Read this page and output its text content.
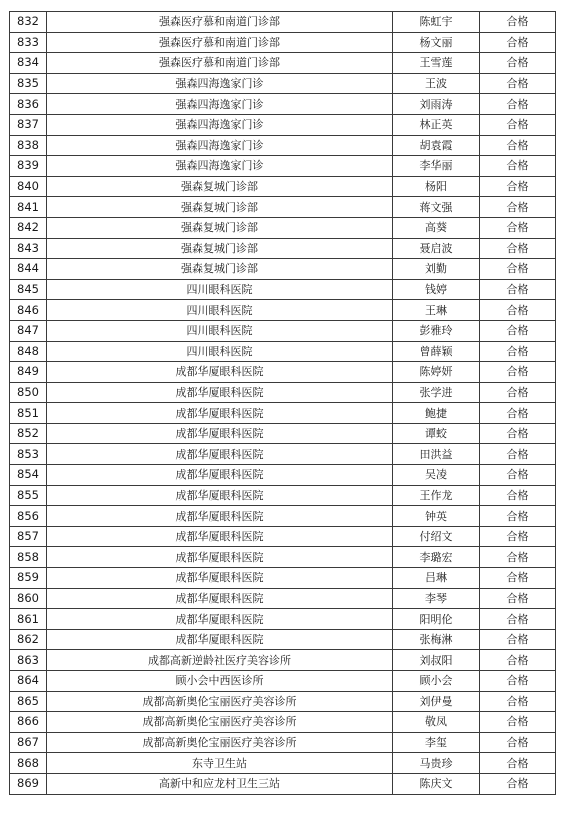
832	强森医疗慕和南道门诊部	陈虹宇	合格
833	强森医疗慕和南道门诊部	杨文丽	合格
834	强森医疗慕和南道门诊部	王雪莲	合格
835	强森四海逸家门诊	王波	合格
836	强森四海逸家门诊	刘雨涛	合格
837	强森四海逸家门诊	林正英	合格
838	强森四海逸家门诊	胡袁霞	合格
839	强森四海逸家门诊	李华丽	合格
840	强森复城门诊部	杨阳	合格
841	强森复城门诊部	蒋文强	合格
842	强森复城门诊部	高葵	合格
843	强森复城门诊部	聂启波	合格
844	强森复城门诊部	刘勤	合格
845	四川眼科医院	钱婷	合格
846	四川眼科医院	王琳	合格
847	四川眼科医院	彭雅玲	合格
848	四川眼科医院	曾薛颖	合格
849	成都华厦眼科医院	陈婷妍	合格
850	成都华厦眼科医院	张学进	合格
851	成都华厦眼科医院	鲍捷	合格
852	成都华厦眼科医院	谭蛟	合格
853	成都华厦眼科医院	田洪益	合格
854	成都华厦眼科医院	吴凌	合格
855	成都华厦眼科医院	王作龙	合格
856	成都华厦眼科医院	钟英	合格
857	成都华厦眼科医院	付绍文	合格
858	成都华厦眼科医院	李璐宏	合格
859	成都华厦眼科医院	吕琳	合格
860	成都华厦眼科医院	李琴	合格
861	成都华厦眼科医院	阳明伦	合格
862	成都华厦眼科医院	张梅淋	合格
863	成都高新逆龄社医疗美容诊所	刘叔阳	合格
864	顾小会中西医诊所	顾小会	合格
865	成都高新奥伦宝丽医疗美容诊所	刘伊曼	合格
866	成都高新奥伦宝丽医疗美容诊所	敬凤	合格
867	成都高新奥伦宝丽医疗美容诊所	李玺	合格
868	东寺卫生站	马贵珍	合格
869	高新中和应龙村卫生三站	陈庆文	合格
